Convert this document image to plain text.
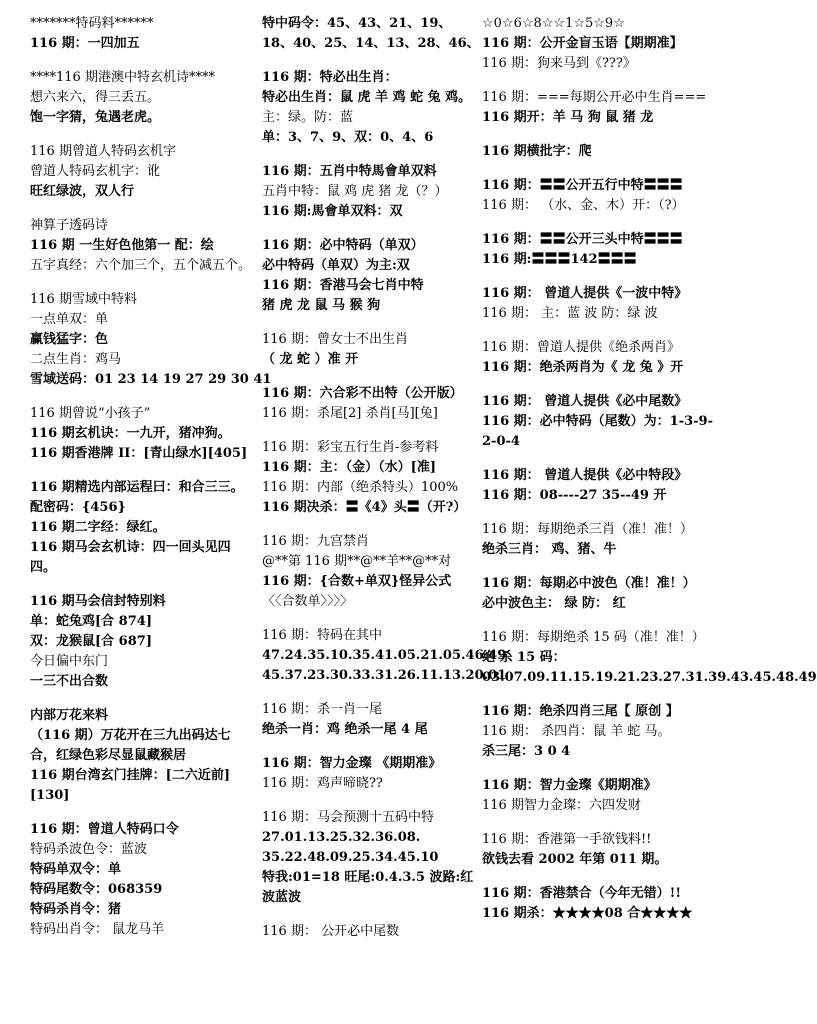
*******特码料******
116 期：一四加五
****116 期港澳中特玄机诗****
想六来六，得三丢五。
饱一字猜，兔遇老虎。
116 期曾道人特码玄机字
曾道人特码玄机字：讹
旺红绿波，双人行
神算子透码诗
116 期 一生好色他第一 配：绘
五字真经：六个加三个，五个减五个。
116 期雪域中特料
一点单双：单
赢钱猛字：色
二点生肖：鸡马
雪域送码：01 23 14 19 27 29 30 41
116 期曾说“小孩子”
116 期玄机诀：一九开，猪冲狗。
116 期香港牌 II：[青山绿水][405]
116 期精选内部运程曰：和合三三。
配密码：{456}
116 期二字经：绿红。
116 期马会玄机诗：四一回头见四四。
116 期马会信封特别料
单：蛇兔鸡[合 874]
双：龙猴鼠[合 687]
今日偏中东门
一三不出合数
内部万花来料
（116 期）万花开在三九出码达七合，红绿色彩尽显鼠藏猴居
116 期台湾玄门挂牌：[二六近前][130]
116 期：曾道人特码口令
特码杀波色令：蓝波
特码单双令：单
特码尾数令：068359
特码杀肖令：猪
特码出肖令： 鼠龙马羊
特中码令：45、43、21、19、18、40、25、14、13、28、46、
116 期：特必出生肖：
特必出生肖：鼠 虎 羊 鸡 蛇 兔 鸡。
主：绿。防：蓝
单：3、7、9、双：0、4、6
116 期：五肖中特馬會单双料
五肖中特：鼠 鸡 虎 猪 龙（？）
116 期:馬會单双料：双
116 期：必中特码（单双）
必中特码（单双）为主:双
116 期：香港马会七肖中特
猪 虎 龙 鼠 马 猴 狗
116 期：曾女士不出生肖
（ 龙 蛇 ）准 开
116 期：六合彩不出特（公开版）
116 期：杀尾[2] 杀肖[马][兔]
116 期：彩宝五行生肖-参考料
116 期：主：（金）（水）[准]
116 期：内部（绝杀特头）100%
116 期决杀：〓《4》头〓（开?）
116 期：九宫禁肖
@**第 116 期**@**羊**@**对
116 期：{合数+单双}怪异公式
〈〈合数单〉〉〉〉
116 期：特码在其中
47.24.35.10.35.41.05.21.05.46.49
45.37.23.30.33.31.26.11.13.20.01
116 期：杀一肖一尾
绝杀一肖：鸡 绝杀一尾 4 尾
116 期：智力金璨 《期期准》
116 期：鸡声啼晓??
116 期：马会预测十五码中特
27.01.13.25.32.36.08.
35.22.48.09.25.34.45.10
特我:01=18 旺尾:0.4.3.5 波路:红波蓝波
116 期： 公开必中尾数
☆0☆6☆8☆☆1☆5☆9☆
116 期：公开金盲玉语【期期准】
116 期：狗来马到《???》
116 期：===每期公开必中生肖===
116 期开：羊 马 狗 鼠 猪 龙
116 期横批字：爬
116 期：〓〓公开五行中特〓〓〓
116 期： （水、金、木）开：（?）
116 期：〓〓公开三头中特〓〓〓
116 期:〓〓〓142〓〓〓
116 期： 曾道人提供《一波中特》
116 期： 主：蓝 波 防：绿 波
116 期：曾道人提供《绝杀两肖》
116 期：绝杀两肖为《 龙 兔 》开
116 期： 曾道人提供《必中尾数》
116 期：必中特码（尾数）为：1-3-9-2-0-4
116 期： 曾道人提供《必中特段》
116 期：08----27 35--49 开
116 期：每期绝杀三肖（准！准！）
绝杀三肖： 鸡、猪、牛
116 期：每期必中波色（准！准！）
必中波色主： 绿 防： 红
116 期：每期绝杀 15 码（准！准！）
绝 杀 15 码：
03.07.09.11.15.19.21.23.27.31.39.43.45.48.49
116 期：绝杀四肖三尾【 原创 】
116 期： 杀四肖：鼠 羊 蛇 马。
杀三尾：3 0 4
116 期：智力金璨《期期准》
116 期智力金璨：六四发财
116 期：香港第一手欲钱料!!
欲钱去看 2002 年第 011 期。
116 期：香港禁合（今年无错）!!
116 期杀：★★★★08 合★★★★
